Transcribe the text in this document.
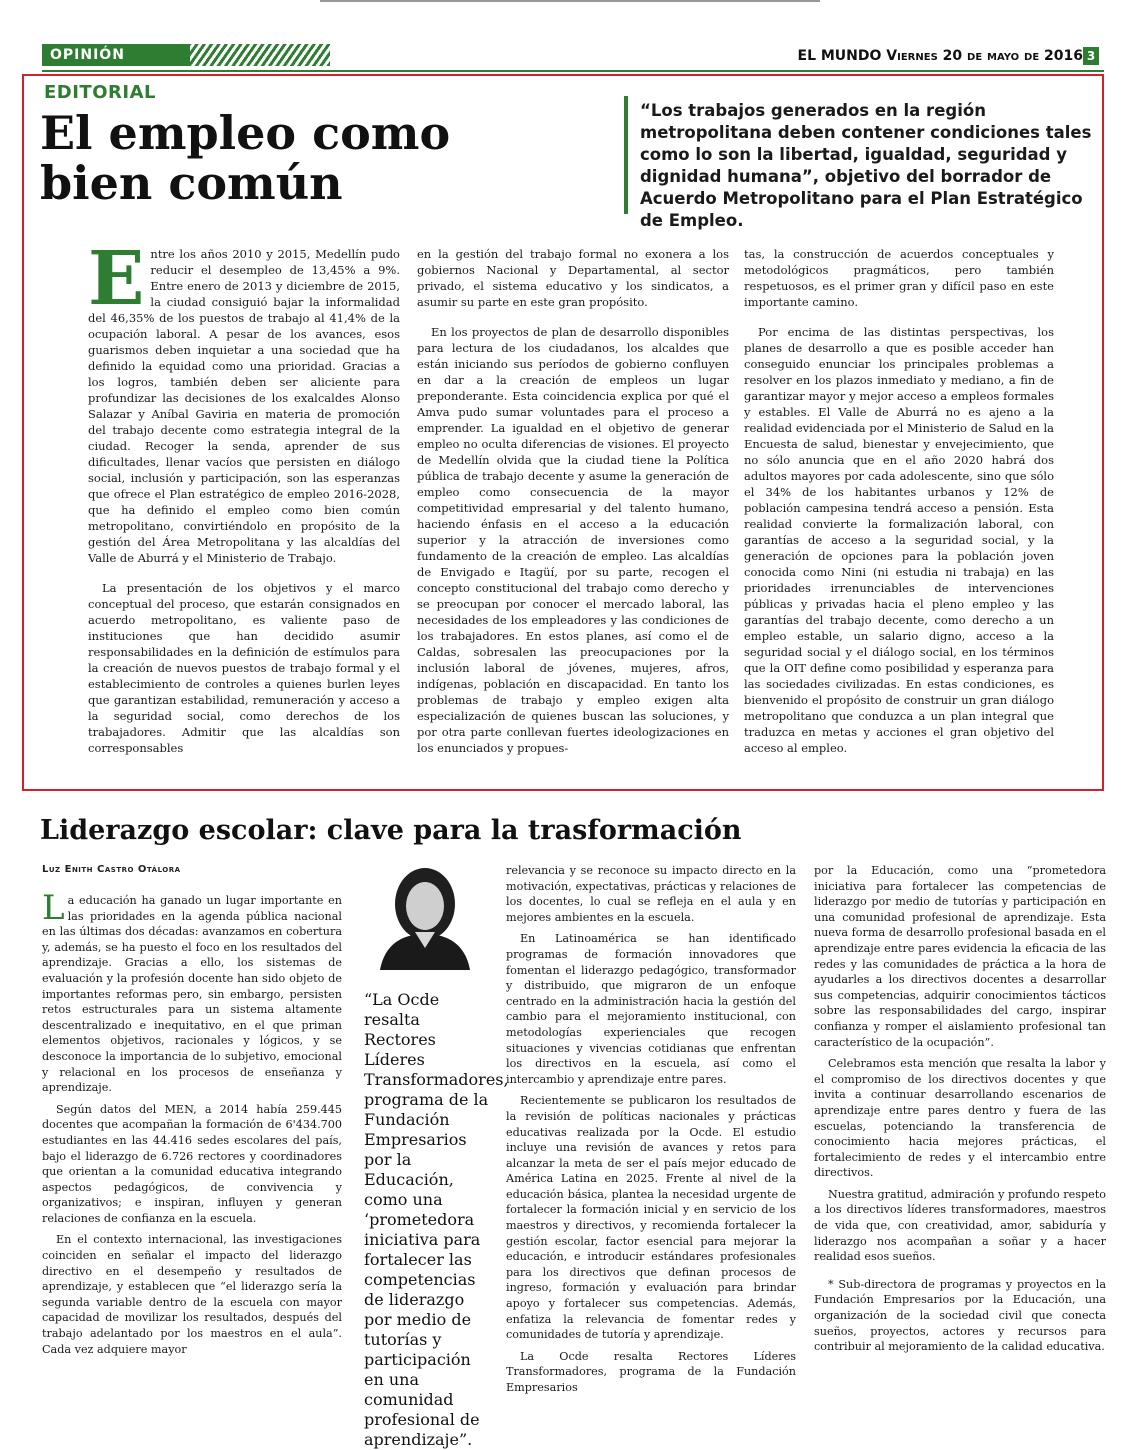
OPINIÓN	EL MUNDO Viernes 20 de mayo de 2016 3
EDITORIAL
El empleo como bien común
“Los trabajos generados en la región metropolitana deben contener condiciones tales como lo son la libertad, igualdad, seguridad y dignidad humana”, objetivo del borrador de Acuerdo Metropolitano para el Plan Estratégico de Empleo.

Entre los años 2010 y 2015, Medellín pudo reducir el desempleo de 13,45% a 9%. Entre enero de 2013 y diciembre de 2015, la ciudad consiguió bajar la informalidad del 46,35% de los puestos de trabajo al 41,4% de la ocupación laboral. A pesar de los avances, esos guarismos deben inquietar a una sociedad que ha definido la equidad como una prioridad. Gracias a los logros, también deben ser aliciente para profundizar las decisiones de los exalcaldes Alonso Salazar y Aníbal Gaviria en materia de promoción del trabajo decente como estrategia integral de la ciudad. Recoger la senda, aprender de sus dificultades, llenar vacíos que persisten en diálogo social, inclusión y participación, son las esperanzas que ofrece el Plan estratégico de empleo 2016-2028, que ha definido el empleo como bien común metropolitano, convirtiéndolo en propósito de la gestión del Área Metropolitana y las alcaldías del Valle de Aburrá y el Ministerio de Trabajo.

La presentación de los objetivos y el marco conceptual del proceso, que estarán consignados en acuerdo metropolitano, es valiente paso de instituciones que han decidido asumir responsabilidades en la definición de estímulos para la creación de nuevos puestos de trabajo formal y el establecimiento de controles a quienes burlen leyes que garantizan estabilidad, remuneración y acceso a la seguridad social, como derechos de los trabajadores. Admitir que las alcaldías son corresponsables

en la gestión del trabajo formal no exonera a los gobiernos Nacional y Departamental, al sector privado, el sistema educativo y los sindicatos, a asumir su parte en este gran propósito.

En los proyectos de plan de desarrollo disponibles para lectura de los ciudadanos, los alcaldes que están iniciando sus períodos de gobierno confluyen en dar a la creación de empleos un lugar preponderante. Esta coincidencia explica por qué el Amva pudo sumar voluntades para el proceso a emprender. La igualdad en el objetivo de generar empleo no oculta diferencias de visiones. El proyecto de Medellín olvida que la ciudad tiene la Política pública de trabajo decente y asume la generación de empleo como consecuencia de la mayor competitividad empresarial y del talento humano, haciendo énfasis en el acceso a la educación superior y la atracción de inversiones como fundamento de la creación de empleo. Las alcaldías de Envigado e Itagüí, por su parte, recogen el concepto constitucional del trabajo como derecho y se preocupan por conocer el mercado laboral, las necesidades de los empleadores y las condiciones de los trabajadores. En estos planes, así como el de Caldas, sobresalen las preocupaciones por la inclusión laboral de jóvenes, mujeres, afros, indígenas, población en discapacidad. En tanto los problemas de trabajo y empleo exigen alta especialización de quienes buscan las soluciones, y por otra parte conllevan fuertes ideologizaciones en los enunciados y propues-

tas, la construcción de acuerdos conceptuales y metodológicos pragmáticos, pero también respetuosos, es el primer gran y difícil paso en este importante camino.

Por encima de las distintas perspectivas, los planes de desarrollo a que es posible acceder han conseguido enunciar los principales problemas a resolver en los plazos inmediato y mediano, a fin de garantizar mayor y mejor acceso a empleos formales y estables. El Valle de Aburrá no es ajeno a la realidad evidenciada por el Ministerio de Salud en la Encuesta de salud, bienestar y envejecimiento, que no sólo anuncia que en el año 2020 habrá dos adultos mayores por cada adolescente, sino que sólo el 34% de los habitantes urbanos y 12% de población campesina tendrá acceso a pensión. Esta realidad convierte la formalización laboral, con garantías de acceso a la seguridad social, y la generación de opciones para la población joven conocida como Nini (ni estudia ni trabaja) en las prioridades irrenunciables de intervenciones públicas y privadas hacia el pleno empleo y las garantías del trabajo decente, como derecho a un empleo estable, un salario digno, acceso a la seguridad social y el diálogo social, en los términos que la OIT define como posibilidad y esperanza para las sociedades civilizadas. En estas condiciones, es bienvenido el propósito de construir un gran diálogo metropolitano que conduzca a un plan integral que traduzca en metas y acciones el gran objetivo del acceso al empleo.

Liderazgo escolar: clave para la trasformación
Luz Enith Castro Otálora
“La Ocde resalta Rectores Líderes Transformadores, programa de la Fundación Empresarios por la Educación, como una ‘prometedora iniciativa para fortalecer las competencias de liderazgo por medio de tutorías y participación en una comunidad profesional de aprendizaje”.

La educación ha ganado un lugar importante en las prioridades en la agenda pública nacional en las últimas dos décadas: avanzamos en cobertura y, además, se ha puesto el foco en los resultados del aprendizaje. Gracias a ello, los sistemas de evaluación y la profesión docente han sido objeto de importantes reformas pero, sin embargo, persisten retos estructurales para un sistema altamente descentralizado e inequitativo, en el que priman elementos objetivos, racionales y lógicos, y se desconoce la importancia de lo subjetivo, emocional y relacional en los procesos de enseñanza y aprendizaje.

Según datos del MEN, a 2014 había 259.445 docentes que acompañan la formación de 6'434.700 estudiantes en las 44.416 sedes escolares del país, bajo el liderazgo de 6.726 rectores y coordinadores que orientan a la comunidad educativa integrando aspectos pedagógicos, de convivencia y organizativos; e inspiran, influyen y generan relaciones de confianza en la escuela.

En el contexto internacional, las investigaciones coinciden en señalar el impacto del liderazgo directivo en el desempeño y resultados de aprendizaje, y establecen que “el liderazgo sería la segunda variable dentro de la escuela con mayor capacidad de movilizar los resultados, después del trabajo adelantado por los maestros en el aula”. Cada vez adquiere mayor

relevancia y se reconoce su impacto directo en la motivación, expectativas, prácticas y relaciones de los docentes, lo cual se refleja en el aula y en mejores ambientes en la escuela.

En Latinoamérica se han identificado programas de formación innovadores que fomentan el liderazgo pedagógico, transformador y distribuido, que migraron de un enfoque centrado en la administración hacia la gestión del cambio para el mejoramiento institucional, con metodologías experienciales que recogen situaciones y vivencias cotidianas que enfrentan los directivos en la escuela, así como el intercambio y aprendizaje entre pares.

Recientemente se publicaron los resultados de la revisión de políticas nacionales y prácticas educativas realizada por la Ocde. El estudio incluye una revisión de avances y retos para alcanzar la meta de ser el país mejor educado de América Latina en 2025. Frente al nivel de la educación básica, plantea la necesidad urgente de fortalecer la formación inicial y en servicio de los maestros y directivos, y recomienda fortalecer la gestión escolar, factor esencial para mejorar la educación, e introducir estándares profesionales para los directivos que definan procesos de ingreso, formación y evaluación para brindar apoyo y fortalecer sus competencias. Además, enfatiza la relevancia de fomentar redes y comunidades de tutoría y aprendizaje.

La Ocde resalta Rectores Líderes Transformadores, programa de la Fundación Empresarios

por la Educación, como una “prometedora iniciativa para fortalecer las competencias de liderazgo por medio de tutorías y participación en una comunidad profesional de aprendizaje. Esta nueva forma de desarrollo profesional basada en el aprendizaje entre pares evidencia la eficacia de las redes y las comunidades de práctica a la hora de ayudarles a los directivos docentes a desarrollar sus competencias, adquirir conocimientos tácticos sobre las responsabilidades del cargo, inspirar confianza y romper el aislamiento profesional tan característico de la ocupación”.

Celebramos esta mención que resalta la labor y el compromiso de los directivos docentes y que invita a continuar desarrollando escenarios de aprendizaje entre pares dentro y fuera de las escuelas, potenciando la transferencia de conocimiento hacia mejores prácticas, el fortalecimiento de redes y el intercambio entre directivos.

Nuestra gratitud, admiración y profundo respeto a los directivos líderes transformadores, maestros de vida que, con creatividad, amor, sabiduría y liderazgo nos acompañan a soñar y a hacer realidad esos sueños.

* Sub-directora de programas y proyectos en la Fundación Empresarios por la Educación, una organización de la sociedad civil que conecta sueños, proyectos, actores y recursos para contribuir al mejoramiento de la calidad educativa.
